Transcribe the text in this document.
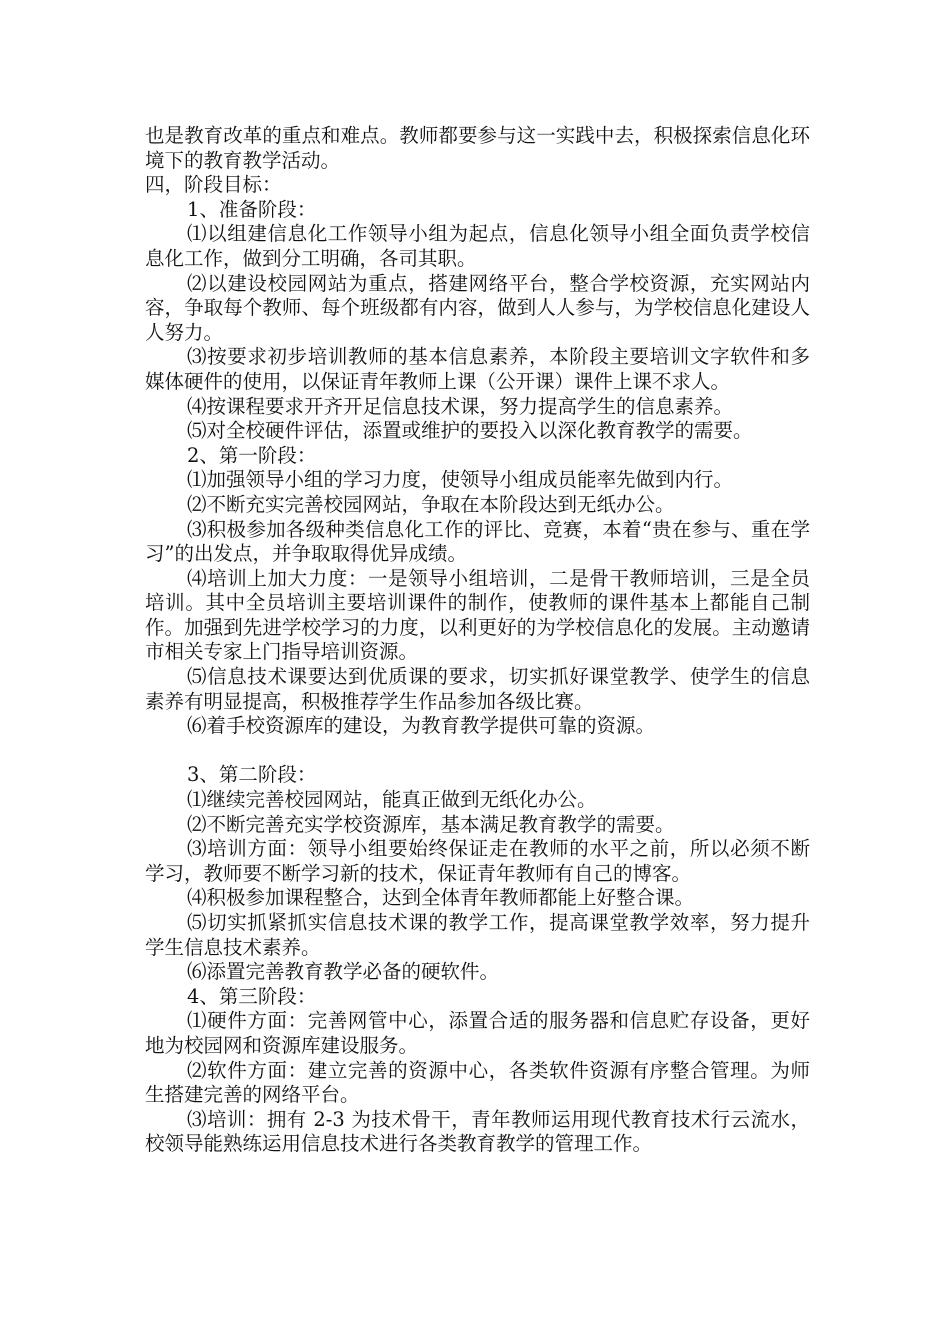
也是教育改革的重点和难点。教师都要参与这一实践中去，积极探索信息化环境下的教育教学活动。

四，阶段目标：

1、准备阶段：

⑴以组建信息化工作领导小组为起点，信息化领导小组全面负责学校信息化工作，做到分工明确，各司其职。

⑵以建设校园网站为重点，搭建网络平台，整合学校资源，充实网站内容，争取每个教师、每个班级都有内容，做到人人参与，为学校信息化建设人人努力。

⑶按要求初步培训教师的基本信息素养，本阶段主要培训文字软件和多媒体硬件的使用，以保证青年教师上课（公开课）课件上课不求人。

⑷按课程要求开齐开足信息技术课，努力提高学生的信息素养。

⑸对全校硬件评估，添置或维护的要投入以深化教育教学的需要。

2、第一阶段：

⑴加强领导小组的学习力度，使领导小组成员能率先做到内行。

⑵不断充实完善校园网站，争取在本阶段达到无纸办公。

⑶积极参加各级种类信息化工作的评比、竞赛，本着“贵在参与、重在学习”的出发点，并争取取得优异成绩。

⑷培训上加大力度：一是领导小组培训，二是骨干教师培训，三是全员培训。其中全员培训主要培训课件的制作，使教师的课件基本上都能自己制作。加强到先进学校学习的力度，以利更好的为学校信息化的发展。主动邀请市相关专家上门指导培训资源。

⑸信息技术课要达到优质课的要求，切实抓好课堂教学、使学生的信息素养有明显提高，积极推荐学生作品参加各级比赛。

⑹着手校资源库的建设，为教育教学提供可靠的资源。

3、第二阶段：

⑴继续完善校园网站，能真正做到无纸化办公。

⑵不断完善充实学校资源库，基本满足教育教学的需要。

⑶培训方面：领导小组要始终保证走在教师的水平之前，所以必须不断学习，教师要不断学习新的技术，保证青年教师有自己的博客。

⑷积极参加课程整合，达到全体青年教师都能上好整合课。

⑸切实抓紧抓实信息技术课的教学工作，提高课堂教学效率，努力提升学生信息技术素养。

⑹添置完善教育教学必备的硬软件。

4、第三阶段：

⑴硬件方面：完善网管中心，添置合适的服务器和信息贮存设备，更好地为校园网和资源库建设服务。

⑵软件方面：建立完善的资源中心，各类软件资源有序整合管理。为师生搭建完善的网络平台。

⑶培训：拥有 2-3 为技术骨干，青年教师运用现代教育技术行云流水，校领导能熟练运用信息技术进行各类教育教学的管理工作。
